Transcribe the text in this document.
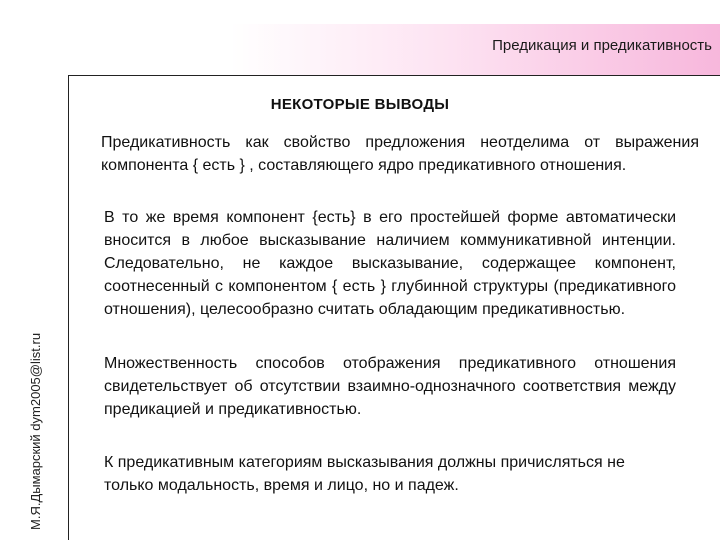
Предикация и предикативность
М.Я.Дымарский dym2005@list.ru
НЕКОТОРЫЕ ВЫВОДЫ

Предикативность как свойство предложения неотделима от выражения компонента { есть } , составляющего ядро предикативного отношения.

В то же время компонент {есть} в его простейшей форме автоматически вносится в любое высказывание наличием коммуникативной интенции. Следовательно, не каждое высказывание, содержащее компонент, соотнесенный с компонентом { есть } глубинной структуры (предикативного отношения), целесообразно считать обладающим предикативностью.

Множественность способов отображения предикативного отношения свидетельствует об отсутствии взаимно-однозначного соответствия между предикацией и предикативностью.

К предикативным категориям высказывания должны причисляться не только модальность, время и лицо, но и падеж.
